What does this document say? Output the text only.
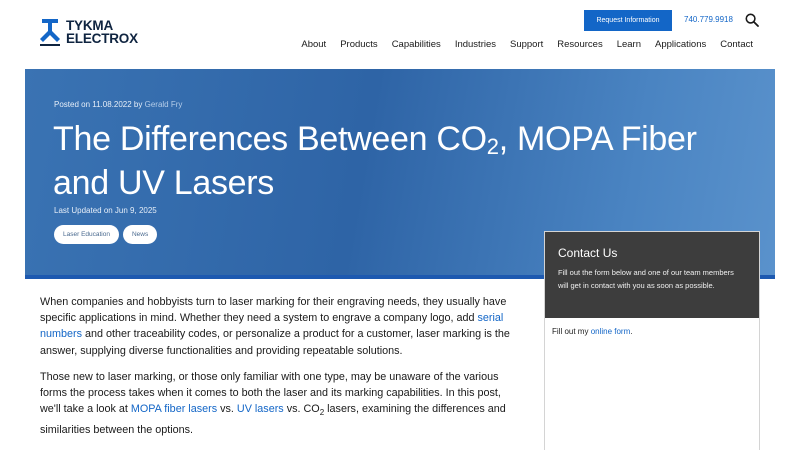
TYKMA
ELECTROX
Request Information	740.779.9918
About Products Capabilities Industries Support Resources Learn Applications Contact
Posted on 11.08.2022 by Gerald Fry
The Differences Between $CO_2$, MOPA Fiber and UV Lasers
Last Updated on Jun 9, 2025
Laser Education	News
Contact Us
Fill out the form below and one of our team members will get in contact with you as soon as possible.
Fill out my online form.

When companies and hobbyists turn to laser marking for their engraving needs, they usually have specific applications in mind. Whether they need a system to engrave a company logo, add serial numbers and other traceability codes, or personalize a product for a customer, laser marking is the answer, supplying diverse functionalities and providing repeatable solutions.

Those new to laser marking, or those only familiar with one type, may be unaware of the various forms the process takes when it comes to both the laser and its marking capabilities. In this post, we'll take a look at MOPA fiber lasers vs. UV lasers vs. $CO_2$ lasers, examining the differences and similarities between the options.
